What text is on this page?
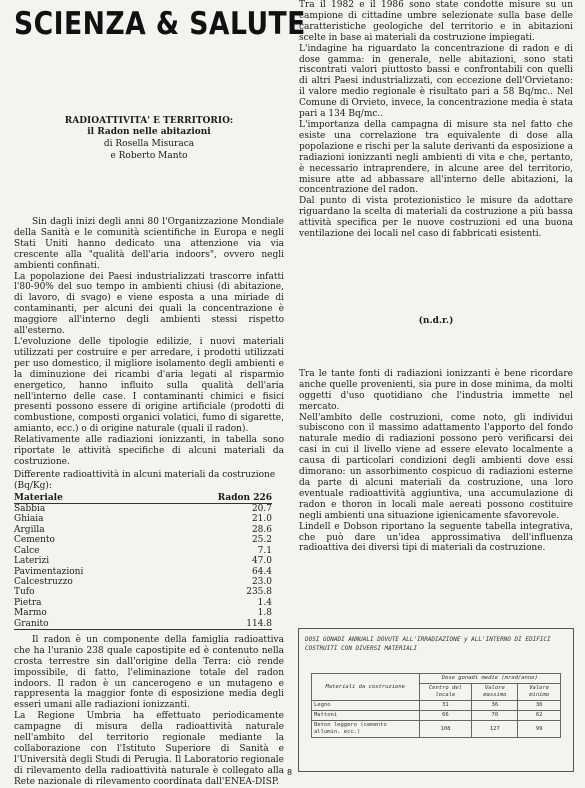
SCIENZA & SALUTE
RADIOATTIVITA' E TERRITORIO:
il Radon nelle abitazioni
di Rosella Misuraca
e Roberto Manto

Sin dagli inizi degli anni 80 l'Organizzazione Mondiale della Sanità e le comunità scientifiche in Europa e negli Stati Uniti hanno dedicato una attenzione via via crescente alla "qualità dell'aria indoors", ovvero negli ambienti confinati.

La popolazione dei Paesi industrializzati trascorre infatti l'80-90% del suo tempo in ambienti chiusi (di abitazione, di lavoro, di svago) e viene esposta a una miriade di contaminanti, per alcuni dei quali la concentrazione è maggiore all'interno degli ambienti stessi rispetto all'esterno.

L'evoluzione delle tipologie edilizie, i nuovi materiali utilizzati per costruire e per arredare, i prodotti utilizzati per uso domestico, il migliore isolamento degli ambienti e la diminuzione dei ricambi d'aria legati al risparmio energetico, hanno influito sulla qualità dell'aria nell'interno delle case. I contaminanti chimici e fisici presenti possono essere di origine artificiale (prodotti di combustione, composti organici volatici, fumo di sigarette, amianto, ecc.) o di origine naturale (quali il radon).

Relativamente alle radiazioni ionizzanti, in tabella sono riportate le attività specifiche di alcuni materiali da costruzione.

Differente radioattività in alcuni materiali da costruzione (Bq/Kg):
Materiale	Radon 226
Sabbia	20.7
Ghiaia	21.0
Argilla	28.6
Cemento	25.2
Calce	7.1
Laterizi	47.0
Pavimentazioni	64.4
Calcestruzzo	23.0
Tufo	235.8
Pietra	1.4
Marmo	1.8
Granito	114.8

Il radon è un componente della famiglia radioattiva che ha l'uranio 238 quale capostipite ed è contenuto nella crosta terrestre sin dall'origine della Terra: ciò rende impossibile, di fatto, l'eliminazione totale del radon indoors. Il radon è un cancerogeno e un mutageno e rappresenta la maggior fonte di esposizione media degli esseri umani alle radiazioni ionizzanti.

La Regione Umbria ha effettuato periodicamente campagne di misura della radioattività naturale nell'ambito del territorio regionale mediante la collaborazione con l'Istituto Superiore di Sanità e l'Università degli Studi di Perugia. Il Laboratorio regionale di rilevamento della radioattività naturale è collegato alla Rete nazionale di rilevamento coordinata dall'ENEA-DISP.

Tra il 1982 e il 1986 sono state condotte misure su un campione di cittadine umbre selezionate sulla base delle caratteristiche geologiche del territorio e in abitazioni scelte in base ai materiali da costruzione impiegati.

L'indagine ha riguardato la concentrazione di radon e di dose gamma: in generale, nelle abitazioni, sono stati riscontrati valori piuttosto bassi e confrontabili con quelli di altri Paesi industrializzati, con eccezione dell'Orvietano: il valore medio regionale è risultato pari a 58 Bq/mc.. Nel Comune di Orvieto, invece, la concentrazione media è stata pari a 134 Bq/mc..

L'importanza della campagna di misure sta nel fatto che esiste una correlazione tra equivalente di dose alla popolazione e rischi per la salute derivanti da esposizione a radiazioni ionizzanti negli ambienti di vita e che, pertanto, è necessario intraprendere, in alcune aree del territorio, misure atte ad abbassare all'interno delle abitazioni, la concentrazione del radon.

Dal punto di vista protezionistico le misure da adottare riguardano la scelta di materiali da costruzione a più bassa attività specifica per le nuove costruzioni ed una buona ventilazione dei locali nel caso di fabbricati esistenti.

(n.d.r.)

Tra le tante fonti di radiazioni ionizzanti è bene ricordare anche quelle provenienti, sia pure in dose minima, da molti oggetti d'uso quotidiano che l'industria immette nel mercato.

Nell'ambito delle costruzioni, come noto, gli individui subiscono con il massimo adattamento l'apporto del fondo naturale medio di radiazioni possono però verificarsi dei casi in cui il livello viene ad essere elevato localmente a causa di particolari condizioni degli ambienti dove essi dimorano: un assorbimento cospicuo di radiazioni esterne da parte di alcuni materiali da costruzione, una loro eventuale radioattività aggiuntiva, una accumulazione di radon e thoron in locali male aereati possono costituire negli ambienti una situazione igienicamente sfavorevole.

Lindell e Dobson riportano la seguente tabella integrativa, che può dare un'idea approssimativa dell'influenza radioattiva dei diversi tipi di materiali da costruzione.

DOSI GONADI ANNUALI DOVUTE ALL'IRRADIAZIONE y ALL'INTERNO DI EDIFICI COSTRUITI CON DIVERSI MATERIALI
Materiali da costruzione	Dose gonadi medie (mrad/anno)		
	Centro del locale	Valore massimo	Valore minimo
Legno	31	36	30
Mattoni	66	70	62
Beton leggero (cemento allumin. ecc.)	108	127	99
8
